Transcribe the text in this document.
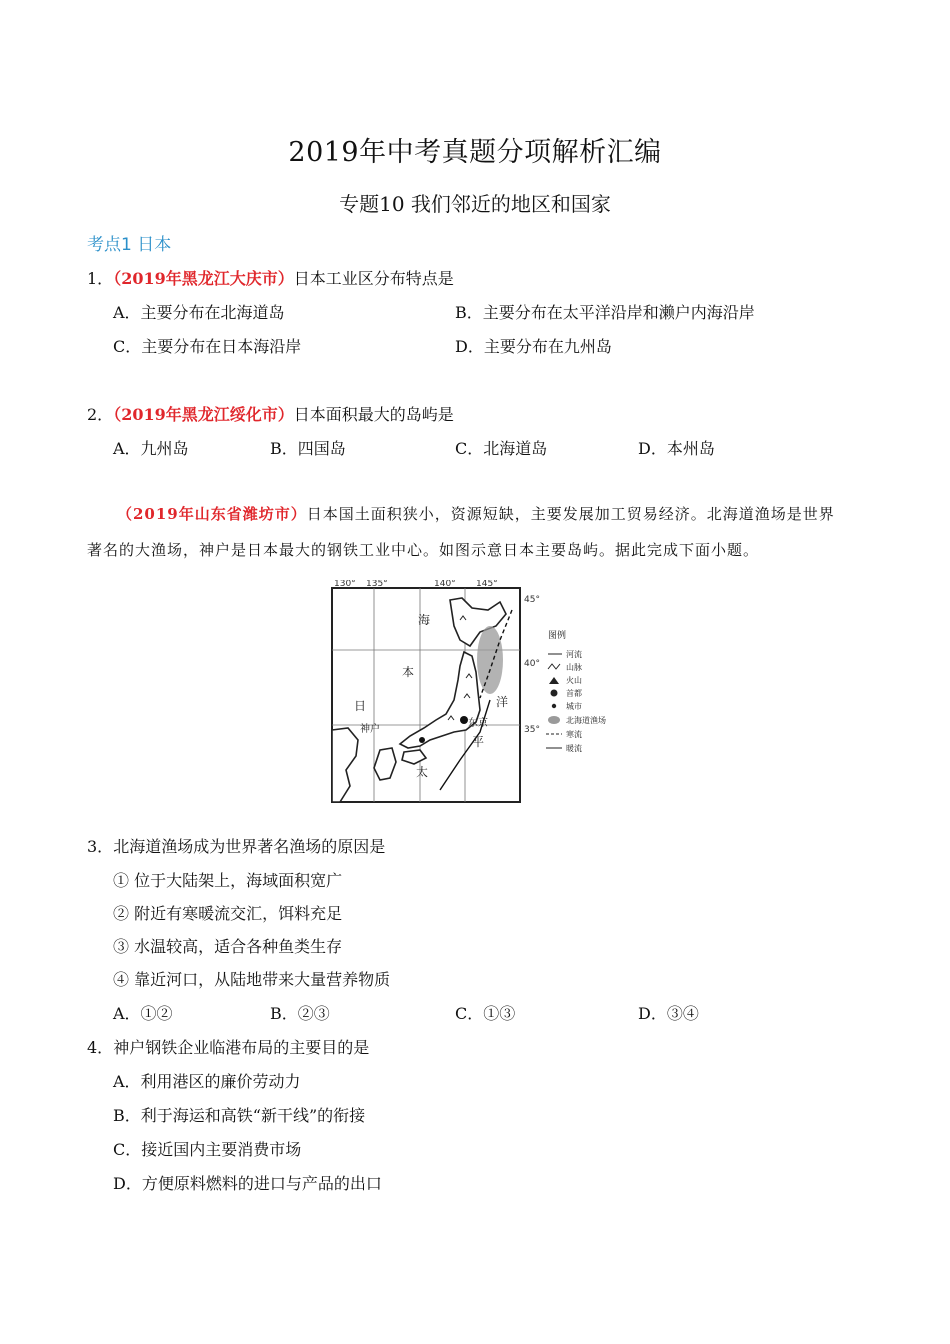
2019年中考真题分项解析汇编
专题10 我们邻近的地区和国家
考点1 日本
1．（2019年黑龙江大庆市）日本工业区分布特点是
A．主要分布在北海道岛	B．主要分布在太平洋沿岸和濑户内海沿岸
C．主要分布在日本海沿岸	D．主要分布在九州岛
2．（2019年黑龙江绥化市）日本面积最大的岛屿是
A．九州岛	B．四国岛	C．北海道岛	D．本州岛
（2019年山东省潍坊市）日本国土面积狭小，资源短缺，主要发展加工贸易经济。北海道渔场是世界
著名的大渔场，神户是日本最大的钢铁工业中心。如图示意日本主要岛屿。据此完成下面小题。
130° 135°	140° 145°
45°
40°
35°
海
本
日
神户
东京
洋
平
太
图例
河流
山脉
火山
首都
城市
北海道渔场
寒流
暖流
3．北海道渔场成为世界著名渔场的原因是
① 位于大陆架上，海域面积宽广
② 附近有寒暖流交汇，饵料充足
③ 水温较高，适合各种鱼类生存
④ 靠近河口，从陆地带来大量营养物质
A．①②	B．②③	C．①③	D．③④
4．神户钢铁企业临港布局的主要目的是
A．利用港区的廉价劳动力
B．利于海运和高铁“新干线”的衔接
C．接近国内主要消费市场
D．方便原料燃料的进口与产品的出口
